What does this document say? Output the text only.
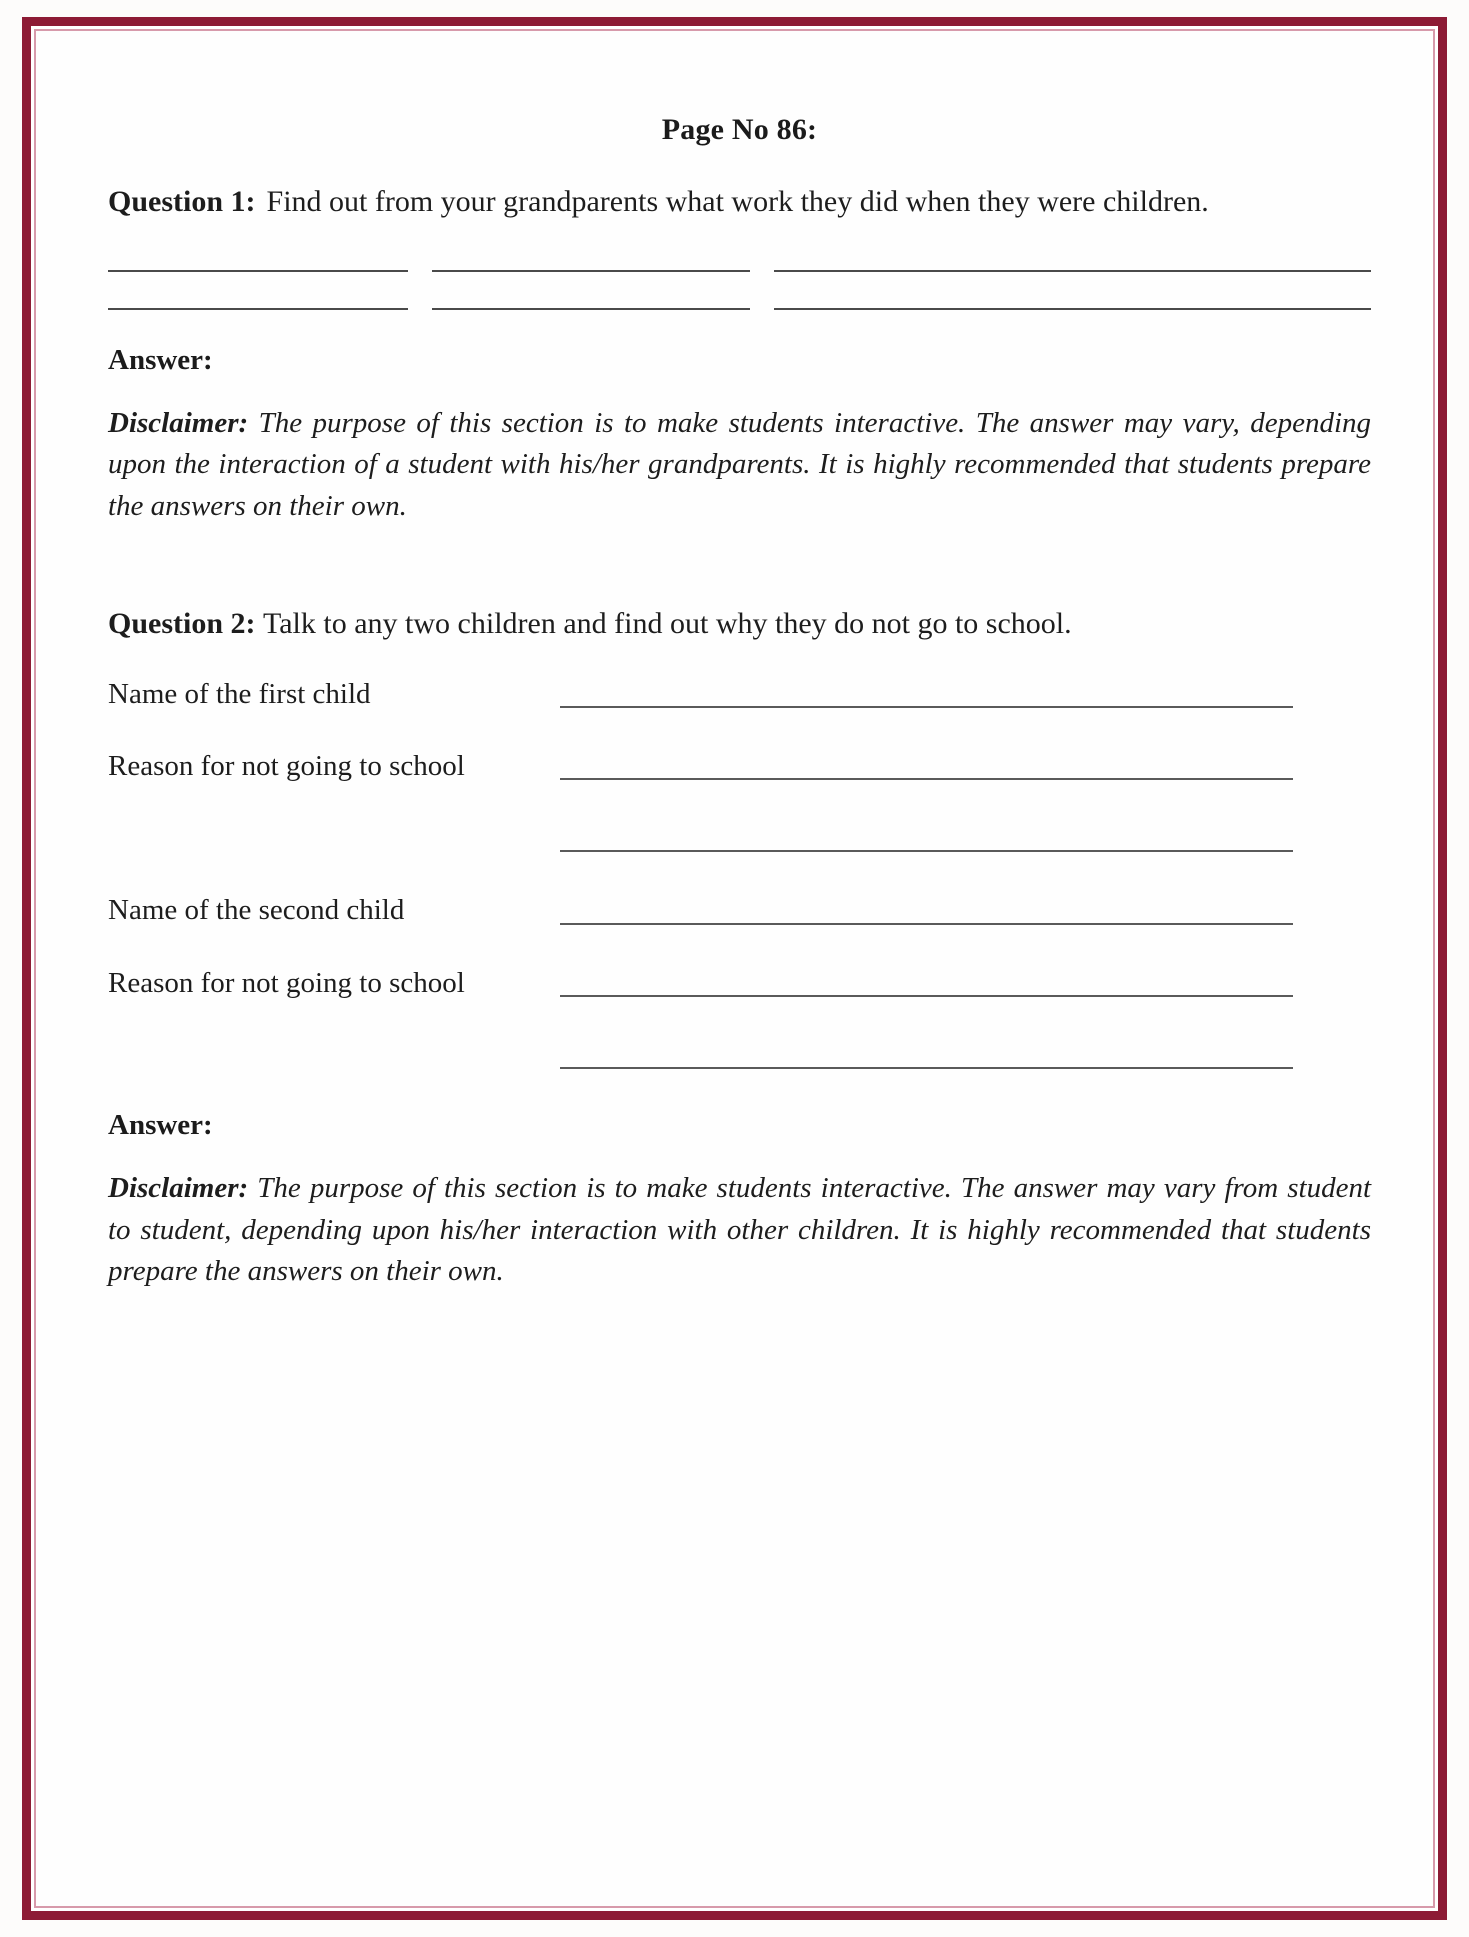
Page No 86:

Question 1: Find out from your grandparents what work they did when they were children.

Answer:

Disclaimer: The purpose of this section is to make students interactive. The answer may vary, depending upon the interaction of a student with his/her grandparents. It is highly recommended that students prepare the answers on their own.

Question 2: Talk to any two children and find out why they do not go to school.

Name of the first child
Reason for not going to school
Name of the second child
Reason for not going to school

Answer:

Disclaimer: The purpose of this section is to make students interactive. The answer may vary from student to student, depending upon his/her interaction with other children. It is highly recommended that students prepare the answers on their own.
